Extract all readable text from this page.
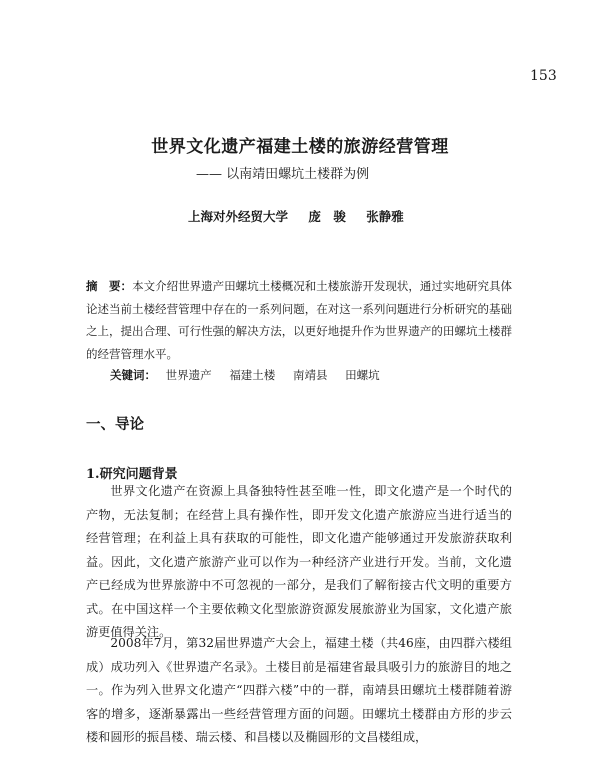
153
世界文化遗产福建土楼的旅游经营管理
—— 以南靖田螺坑土楼群为例
上海对外经贸大学 庞　骏 张静雅
摘　要：本文介绍世界遗产田螺坑土楼概况和土楼旅游开发现状，通过实地研究具体论述当前土楼经营管理中存在的一系列问题，在对这一系列问题进行分析研究的基础之上，提出合理、可行性强的解决方法，以更好地提升作为世界遗产的田螺坑土楼群的经营管理水平。
关键词： 世界遗产 福建土楼 南靖县 田螺坑
一、导论
1.研究问题背景
世界文化遗产在资源上具备独特性甚至唯一性，即文化遗产是一个时代的产物，无法复制；在经营上具有操作性，即开发文化遗产旅游应当进行适当的经营管理；在利益上具有获取的可能性，即文化遗产能够通过开发旅游获取利益。因此，文化遗产旅游产业可以作为一种经济产业进行开发。当前，文化遗产已经成为世界旅游中不可忽视的一部分，是我们了解衔接古代文明的重要方式。在中国这样一个主要依赖文化型旅游资源发展旅游业为国家，文化遗产旅游更值得关注。
2008年7月，第32届世界遗产大会上，福建土楼（共46座，由四群六楼组成）成功列入《世界遗产名录》。土楼目前是福建省最具吸引力的旅游目的地之一。作为列入世界文化遗产“四群六楼”中的一群，南靖县田螺坑土楼群随着游客的增多，逐渐暴露出一些经营管理方面的问题。田螺坑土楼群由方形的步云楼和圆形的振昌楼、瑞云楼、和昌楼以及椭圆形的文昌楼组成，
